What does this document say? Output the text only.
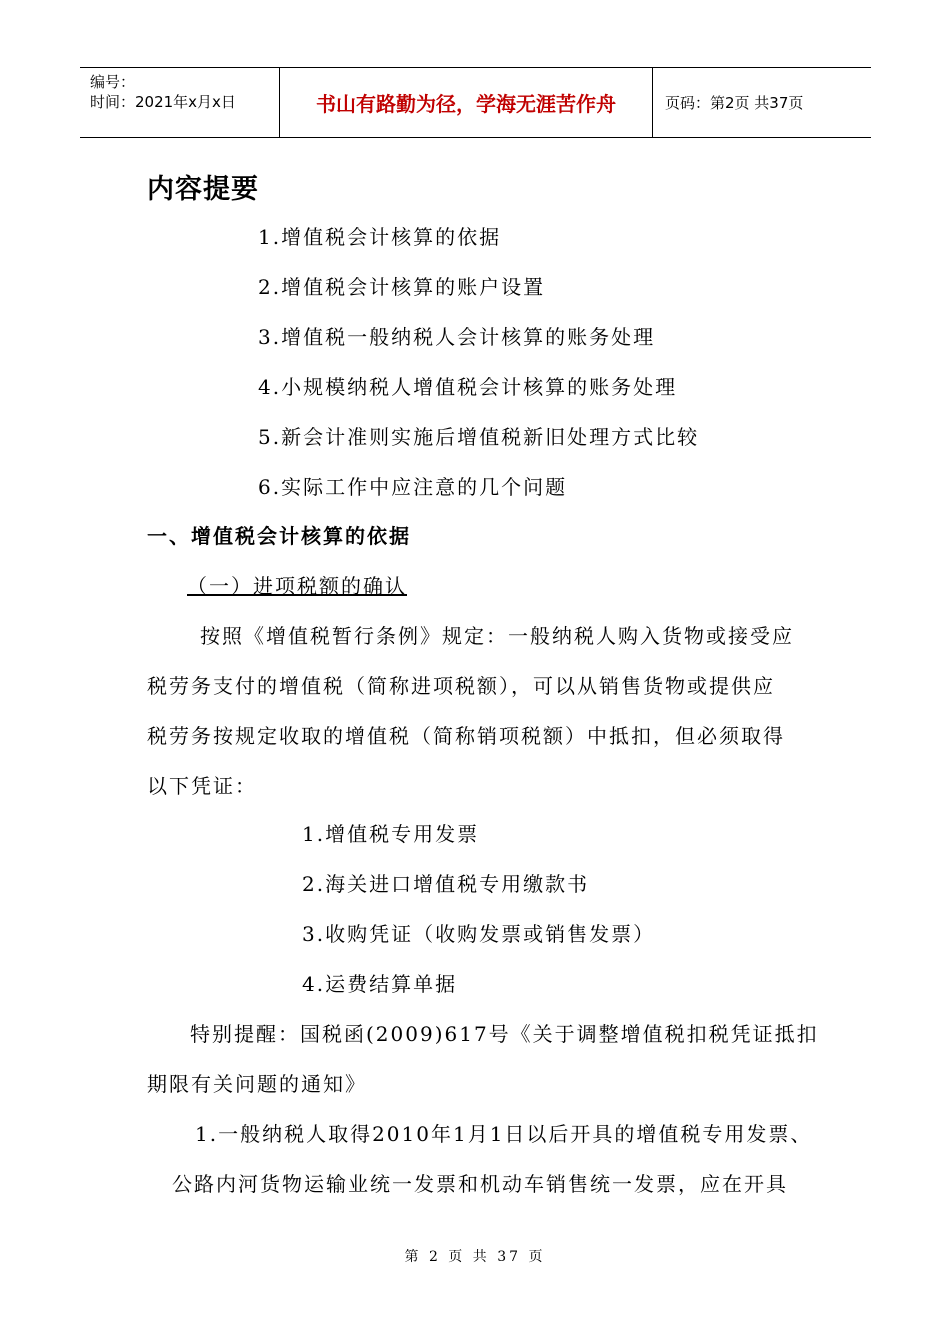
编号：
时间：2021年x月x日	书山有路勤为径，学海无涯苦作舟	页码：第2页 共37页
内容提要
1.增值税会计核算的依据
2.增值税会计核算的账户设置
3.增值税一般纳税人会计核算的账务处理
4.小规模纳税人增值税会计核算的账务处理
5.新会计准则实施后增值税新旧处理方式比较
6.实际工作中应注意的几个问题
一、增值税会计核算的依据
（一）进项税额的确认
按照《增值税暂行条例》规定：一般纳税人购入货物或接受应
税劳务支付的增值税（简称进项税额），可以从销售货物或提供应
税劳务按规定收取的增值税（简称销项税额）中抵扣，但必须取得
以下凭证：
1.增值税专用发票
2.海关进口增值税专用缴款书
3.收购凭证（收购发票或销售发票）
4.运费结算单据
特别提醒：国税函(2009)617号《关于调整增值税扣税凭证抵扣
期限有关问题的通知》
1.一般纳税人取得2010年1月1日以后开具的增值税专用发票、
公路内河货物运输业统一发票和机动车销售统一发票，应在开具
第 2 页 共 37 页
